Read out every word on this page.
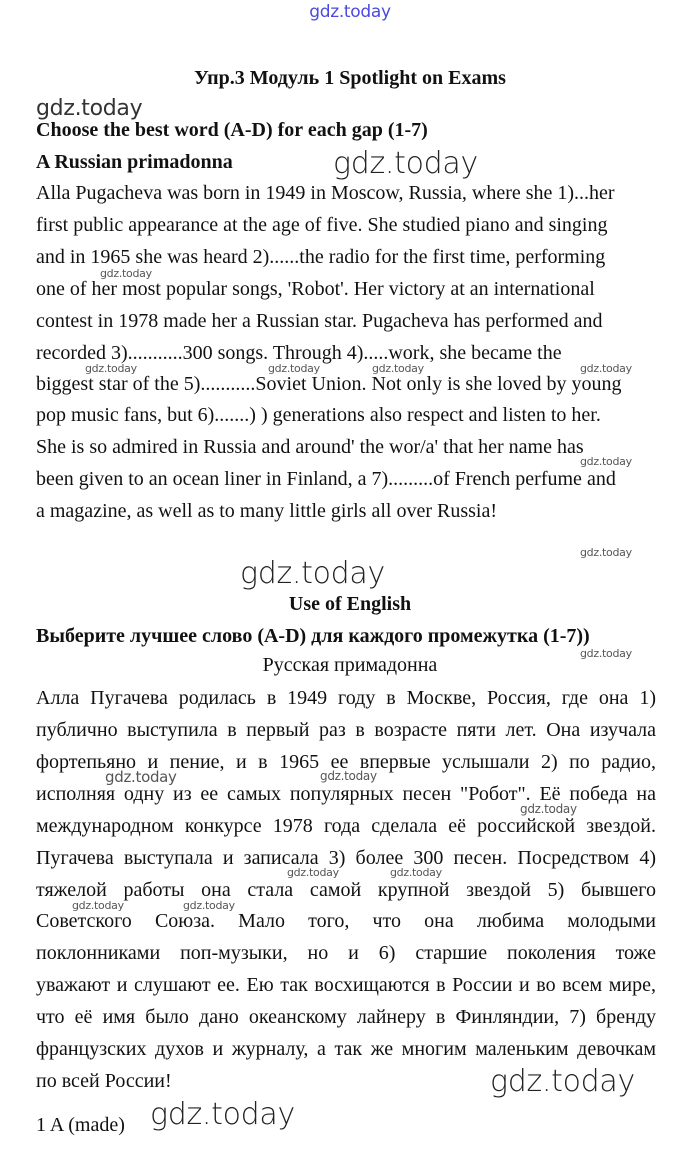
gdz.today
Упр.3 Модуль 1 Spotlight on Exams
Choose the best word (A-D) for each gap (1-7)
A Russian primadonna
Alla Pugacheva was born in 1949 in Moscow, Russia, where she 1)...her
first public appearance at the age of five. She studied piano and singing
and in 1965 she was heard 2)......the radio for the first time, performing
one of her most popular songs, 'Robot'. Her victory at an international
contest in 1978 made her a Russian star. Pugacheva has performed and
recorded 3)...........300 songs. Through 4).....work, she became the
biggest star of the 5)...........Soviet Union. Not only is she loved by young
pop music fans, but 6).......) ) generations also respect and listen to her.
She is so admired in Russia and around' the wor/a' that her name has
been given to an ocean liner in Finland, a 7).........of French perfume and
a magazine, as well as to many little girls all over Russia!
Use of English
Выберите лучшее слово (A-D) для каждого промежутка (1-7))
Русская примадонна
Алла Пугачева родилась в 1949 году в Москве, Россия, где она 1)
публично выступила в первый раз в возрасте пяти лет. Она изучала
фортепьяно и пение, и в 1965 ее впервые услышали 2) по радио,
исполняя одну из ее самых популярных песен "Робот". Её победа на
международном конкурсе 1978 года сделала её российской звездой.
Пугачева выступала и записала 3) более 300 песен. Посредством 4)
тяжелой работы она стала самой крупной звездой 5) бывшего
Советского Союза. Мало того, что она любима молодыми
поклонниками поп-музыки, но и 6) старшие поколения тоже
уважают и слушают ее. Ею так восхищаются в России и во всем мире,
что её имя было дано океанскому лайнеру в Финляндии, 7) бренду
французских духов и журналу, а так же многим маленьким девочкам
по всей России!
1 A (made)
gdz.today
gdz.today
gdz.today
gdz.today	gdz.today	gdz.today	gdz.today
gdz.today
gdz.today
gdz.today
gdz.today
gdz.today	gdz.today
gdz.today
gdz.today	gdz.today
gdz.today	gdz.today
gdz.today
gdz.today
